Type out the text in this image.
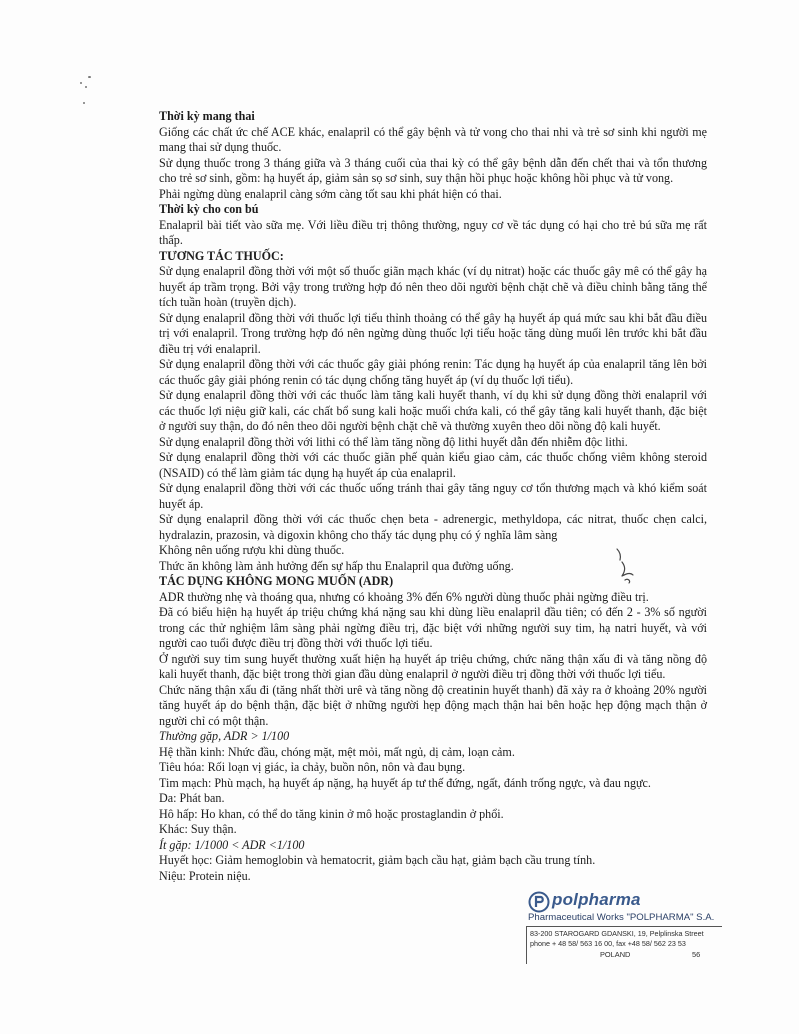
Thời kỳ mang thai

Giống các chất ức chế ACE khác, enalapril có thể gây bệnh và tử vong cho thai nhi và trẻ sơ sinh khi người mẹ mang thai sử dụng thuốc.

Sử dụng thuốc trong 3 tháng giữa và 3 tháng cuối của thai kỳ có thể gây bệnh dẫn đến chết thai và tổn thương cho trẻ sơ sinh, gồm: hạ huyết áp, giảm sản sọ sơ sinh, suy thận hồi phục hoặc không hồi phục và tử vong.

Phải ngừng dùng enalapril càng sớm càng tốt sau khi phát hiện có thai.

Thời kỳ cho con bú

Enalapril bài tiết vào sữa mẹ. Với liều điều trị thông thường, nguy cơ về tác dụng có hại cho trẻ bú sữa mẹ rất thấp.

TƯƠNG TÁC THUỐC:

Sử dụng enalapril đồng thời với một số thuốc giãn mạch khác (ví dụ nitrat) hoặc các thuốc gây mê có thể gây hạ huyết áp trầm trọng. Bởi vậy trong trường hợp đó nên theo dõi người bệnh chặt chẽ và điều chỉnh bằng tăng thể tích tuần hoàn (truyền dịch).

Sử dụng enalapril đồng thời với thuốc lợi tiểu thỉnh thoảng có thể gây hạ huyết áp quá mức sau khi bắt đầu điều trị với enalapril. Trong trường hợp đó nên ngừng dùng thuốc lợi tiểu hoặc tăng dùng muối lên trước khi bắt đầu điều trị với enalapril.

Sử dụng enalapril đồng thời với các thuốc gây giải phóng renin: Tác dụng hạ huyết áp của enalapril tăng lên bởi các thuốc gây giải phóng renin có tác dụng chống tăng huyết áp (ví dụ thuốc lợi tiểu).

Sử dụng enalapril đồng thời với các thuốc làm tăng kali huyết thanh, ví dụ khi sử dụng đồng thời enalapril với các thuốc lợi niệu giữ kali, các chất bổ sung kali hoặc muối chứa kali, có thể gây tăng kali huyết thanh, đặc biệt ở người suy thận, do đó nên theo dõi người bệnh chặt chẽ và thường xuyên theo dõi nồng độ kali huyết.

Sử dụng enalapril đồng thời với lithi có thể làm tăng nồng độ lithi huyết dẫn đến nhiễm độc lithi.

Sử dụng enalapril đồng thời với các thuốc giãn phế quản kiểu giao cảm, các thuốc chống viêm không steroid (NSAID) có thể làm giảm tác dụng hạ huyết áp của enalapril.

Sử dụng enalapril đồng thời với các thuốc uống tránh thai gây tăng nguy cơ tổn thương mạch và khó kiểm soát huyết áp.

Sử dụng enalapril đồng thời với các thuốc chẹn beta - adrenergic, methyldopa, các nitrat, thuốc chẹn calci, hydralazin, prazosin, và digoxin không cho thấy tác dụng phụ có ý nghĩa lâm sàng

Không nên uống rượu khi dùng thuốc.

Thức ăn không làm ảnh hưởng đến sự hấp thu Enalapril qua đường uống.

TÁC DỤNG KHÔNG MONG MUỐN (ADR)

ADR thường nhẹ và thoáng qua, nhưng có khoảng 3% đến 6% người dùng thuốc phải ngừng điều trị.

Đã có biểu hiện hạ huyết áp triệu chứng khá nặng sau khi dùng liều enalapril đầu tiên; có đến 2 - 3% số người trong các thử nghiệm lâm sàng phải ngừng điều trị, đặc biệt với những người suy tim, hạ natri huyết, và với người cao tuổi được điều trị đồng thời với thuốc lợi tiểu.

Ở người suy tim sung huyết thường xuất hiện hạ huyết áp triệu chứng, chức năng thận xấu đi và tăng nồng độ kali huyết thanh, đặc biệt trong thời gian đầu dùng enalapril ở người điều trị đồng thời với thuốc lợi tiểu.

Chức năng thận xấu đi (tăng nhất thời urê và tăng nồng độ creatinin huyết thanh) đã xảy ra ở khoảng 20% người tăng huyết áp do bệnh thận, đặc biệt ở những người hẹp động mạch thận hai bên hoặc hẹp động mạch thận ở người chỉ có một thận.

Thường gặp, ADR > 1/100

Hệ thần kinh: Nhức đầu, chóng mặt, mệt mỏi, mất ngủ, dị cảm, loạn cảm.

Tiêu hóa: Rối loạn vị giác, ỉa chảy, buồn nôn, nôn và đau bụng.

Tim mạch: Phù mạch, hạ huyết áp nặng, hạ huyết áp tư thế đứng, ngất, đánh trống ngực, và đau ngực.

Da: Phát ban.

Hô hấp: Ho khan, có thể do tăng kinin ở mô hoặc prostaglandin ở phổi.

Khác: Suy thận.

Ít gặp: 1/1000 < ADR <1/100

Huyết học: Giảm hemoglobin và hematocrit, giảm bạch cầu hạt, giảm bạch cầu trung tính.

Niệu: Protein niệu.

polpharma
Pharmaceutical Works "POLPHARMA" S.A.
83-200 STAROGARD GDANSKI, 19, Pelplinska Street
phone + 48 58/ 563 16 00, fax +48 58/ 562 23 53
POLAND	56
